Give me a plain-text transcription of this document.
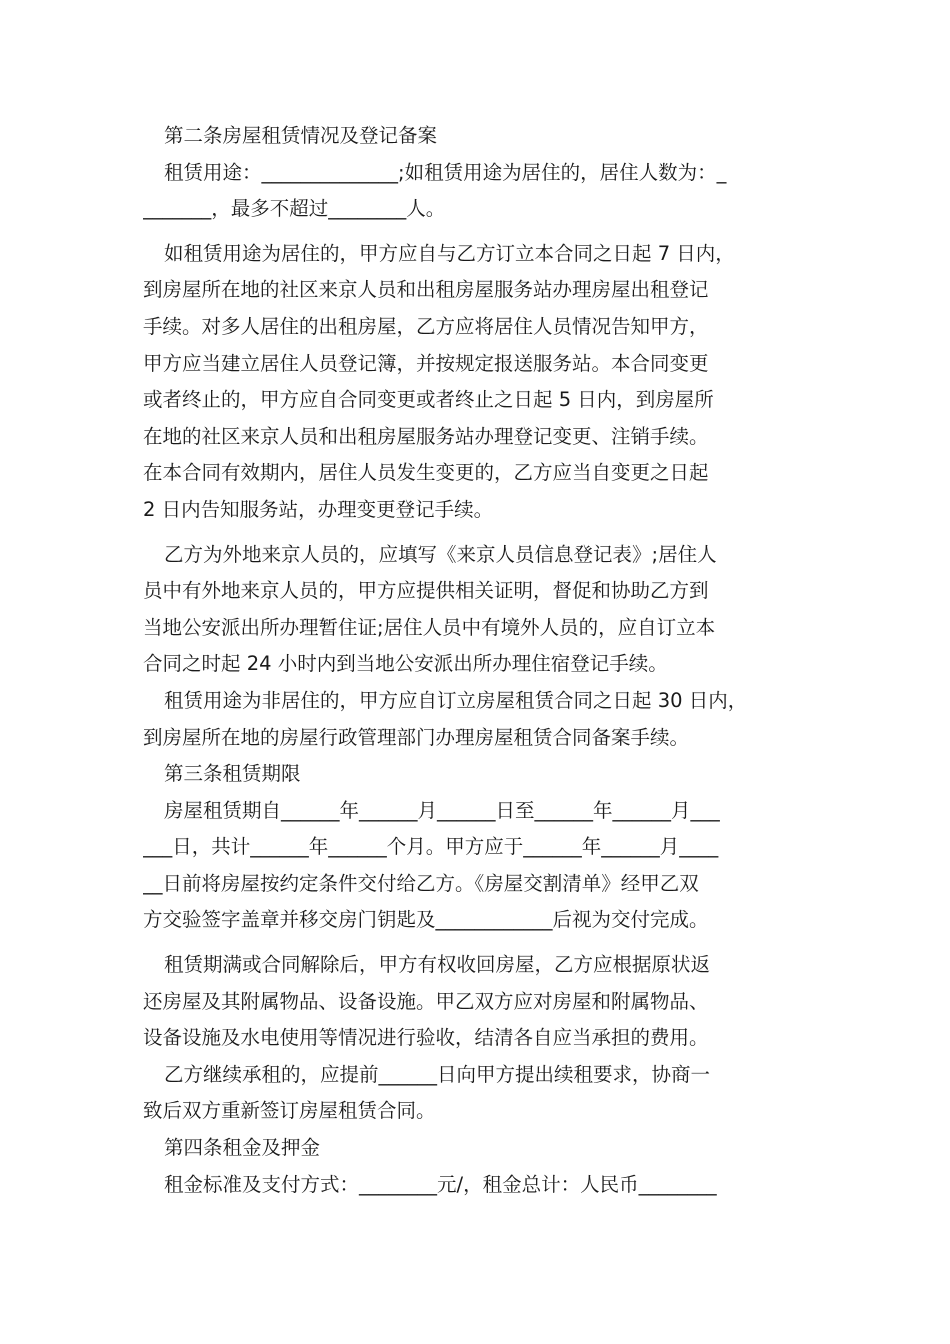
第二条房屋租赁情况及登记备案
租赁用途：______________;如租赁用途为居住的，居住人数为：_
_______，最多不超过________人。
如租赁用途为居住的，甲方应自与乙方订立本合同之日起 7 日内，
到房屋所在地的社区来京人员和出租房屋服务站办理房屋出租登记
手续。对多人居住的出租房屋，乙方应将居住人员情况告知甲方，
甲方应当建立居住人员登记簿，并按规定报送服务站。本合同变更
或者终止的，甲方应自合同变更或者终止之日起 5 日内，到房屋所
在地的社区来京人员和出租房屋服务站办理登记变更、注销手续。
在本合同有效期内，居住人员发生变更的，乙方应当自变更之日起
2 日内告知服务站，办理变更登记手续。
乙方为外地来京人员的，应填写《来京人员信息登记表》;居住人
员中有外地来京人员的，甲方应提供相关证明，督促和协助乙方到
当地公安派出所办理暂住证;居住人员中有境外人员的，应自订立本
合同之时起 24 小时内到当地公安派出所办理住宿登记手续。
租赁用途为非居住的，甲方应自订立房屋租赁合同之日起 30 日内，
到房屋所在地的房屋行政管理部门办理房屋租赁合同备案手续。
第三条租赁期限
房屋租赁期自______年______月______日至______年______月___
___日，共计______年______个月。甲方应于______年______月____
__日前将房屋按约定条件交付给乙方。《房屋交割清单》经甲乙双
方交验签字盖章并移交房门钥匙及____________后视为交付完成。
租赁期满或合同解除后，甲方有权收回房屋，乙方应根据原状返
还房屋及其附属物品、设备设施。甲乙双方应对房屋和附属物品、
设备设施及水电使用等情况进行验收，结清各自应当承担的费用。
乙方继续承租的，应提前______日向甲方提出续租要求，协商一
致后双方重新签订房屋租赁合同。
第四条租金及押金
租金标准及支付方式：________元/，租金总计：人民币________
